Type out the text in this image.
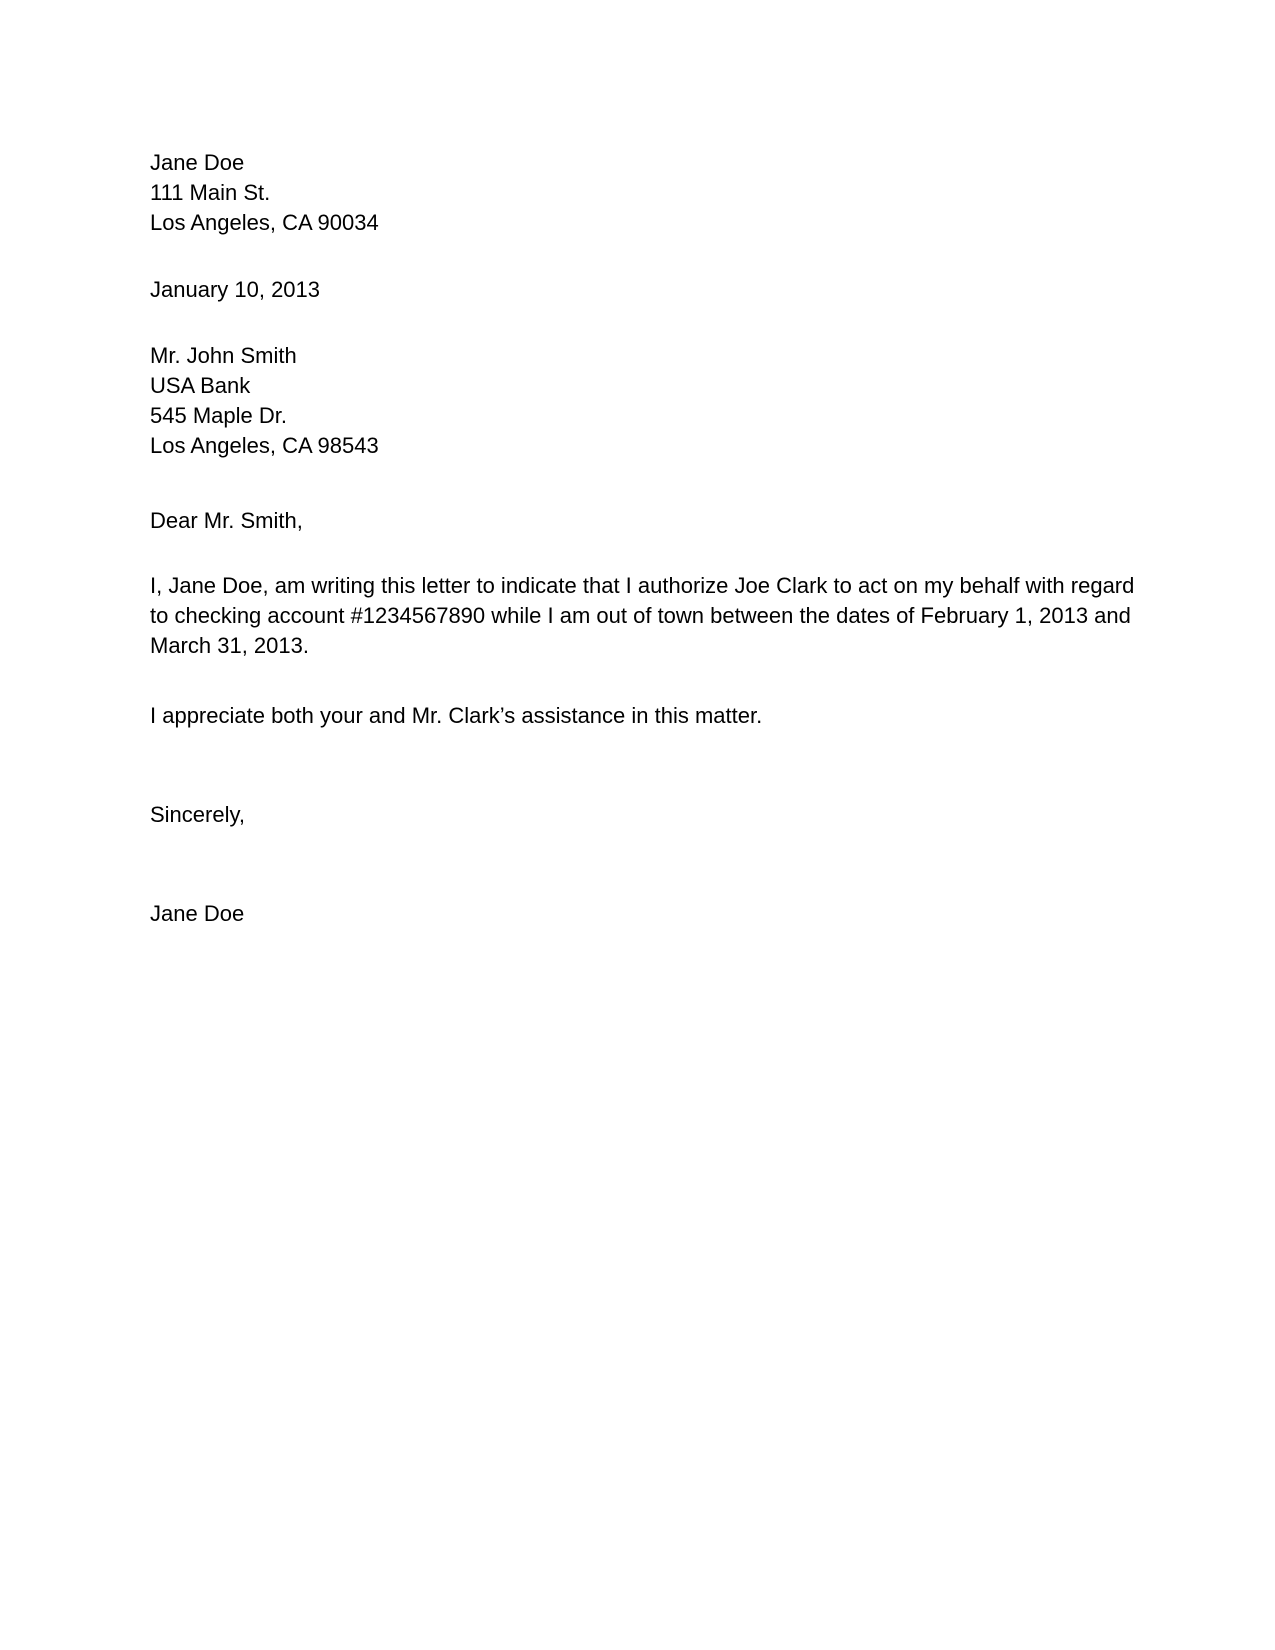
Jane Doe
111 Main St.
Los Angeles, CA 90034
January 10, 2013
Mr. John Smith
USA Bank
545 Maple Dr.
Los Angeles, CA 98543
Dear Mr. Smith,
I, Jane Doe, am writing this letter to indicate that I authorize Joe Clark to act on my behalf with regard to checking account #1234567890 while I am out of town between the dates of February 1, 2013 and March 31, 2013.
I appreciate both your and Mr. Clark’s assistance in this matter.
Sincerely,
Jane Doe
